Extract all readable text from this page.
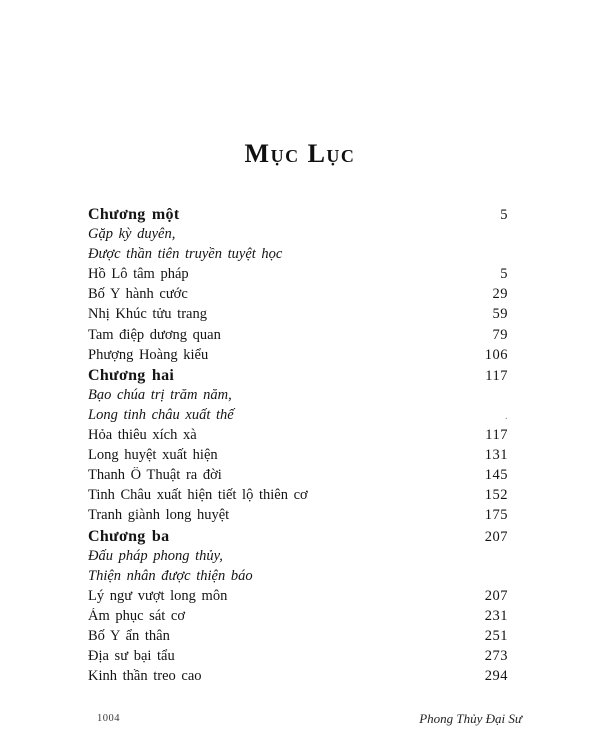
Mục Lục
Chương một	5
Gặp kỳ duyên,
Được thần tiên truyền tuyệt học
Hồ Lô tâm pháp	5
Bố Y hành cước	29
Nhị Khúc tửu trang	59
Tam điệp dương quan	79
Phượng Hoàng kiểu	106
Chương hai	117
Bạo chúa trị trăm năm,
Long tinh châu xuất thế	.
Hỏa thiêu xích xà	117
Long huyệt xuất hiện	131
Thanh Ô Thuật ra đời	145
Tinh Châu xuất hiện tiết lộ thiên cơ	152
Tranh giành long huyệt	175
Chương ba	207
Đấu pháp phong thủy,
Thiện nhân được thiện báo
Lý ngư vượt long môn	207
Ám phục sát cơ	231
Bố Y ẩn thân	251
Địa sư bại tẩu	273
Kinh thần treo cao	294
1004	Phong Thủy Đại Sư
